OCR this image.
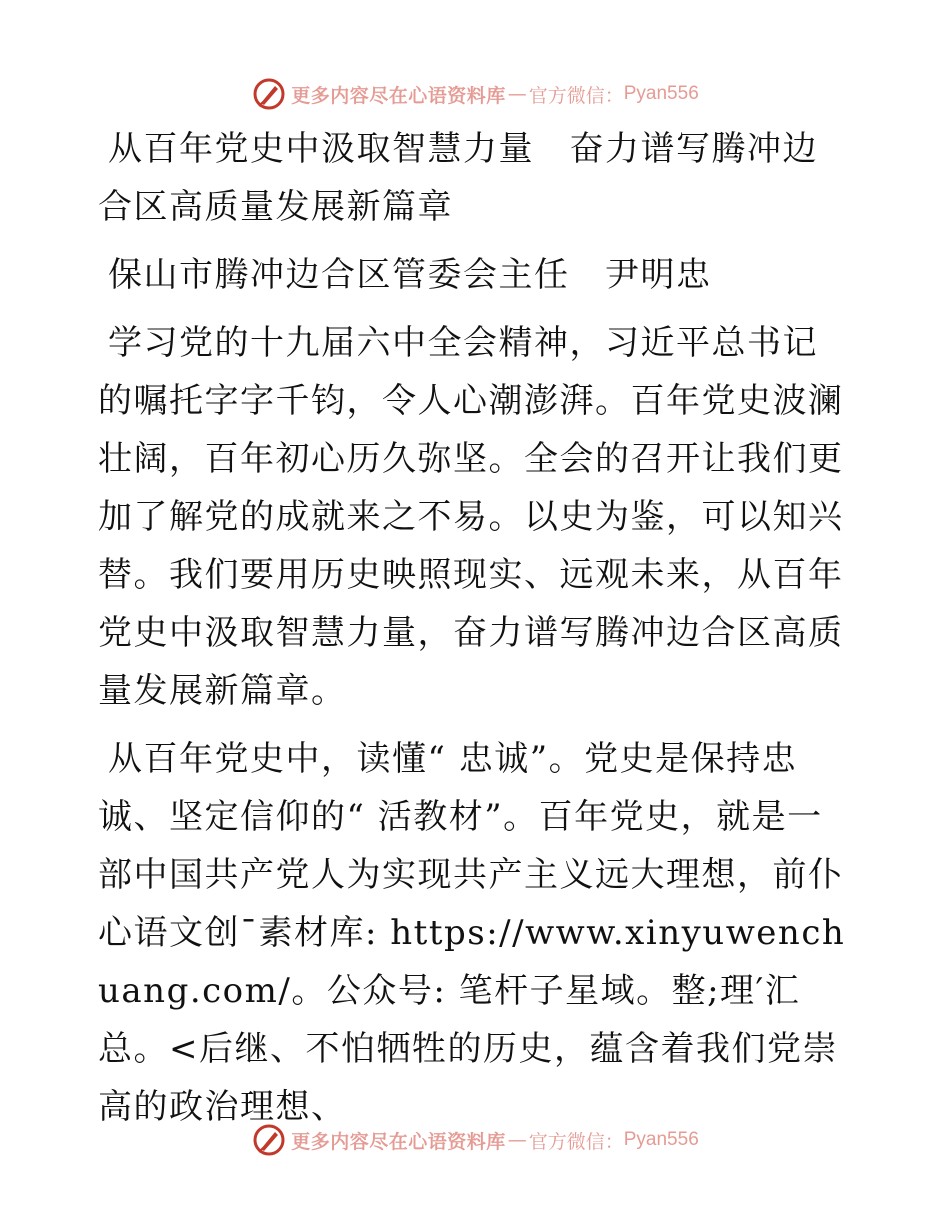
更多内容尽在心语资料库 — 官方微信： Pyan556

从百年党史中汲取智慧力量　奋力谱写腾冲边合区高质量发展新篇章

保山市腾冲边合区管委会主任　尹明忠

学习党的十九届六中全会精神，习近平总书记的嘱托字字千钧，令人心潮澎湃。百年党史波澜壮阔，百年初心历久弥坚。全会的召开让我们更加了解党的成就来之不易。以史为鉴，可以知兴替。我们要用历史映照现实、远观未来，从百年党史中汲取智慧力量，奋力谱写腾冲边合区高质量发展新篇章。

从百年党史中，读懂“ 忠诚”。党史是保持忠诚、坚定信仰的“ 活教材”。百年党史，就是一部中国共产党人为实现共产主义远大理想，前仆心语文创¯素材库: https://www.xinyuwenchuang.com/。公众号: 笔杆子星域。整;理′汇总。<后继、不怕牺牲的历史，蕴含着我们党崇高的政治理想、

更多内容尽在心语资料库 — 官方微信： Pyan556
